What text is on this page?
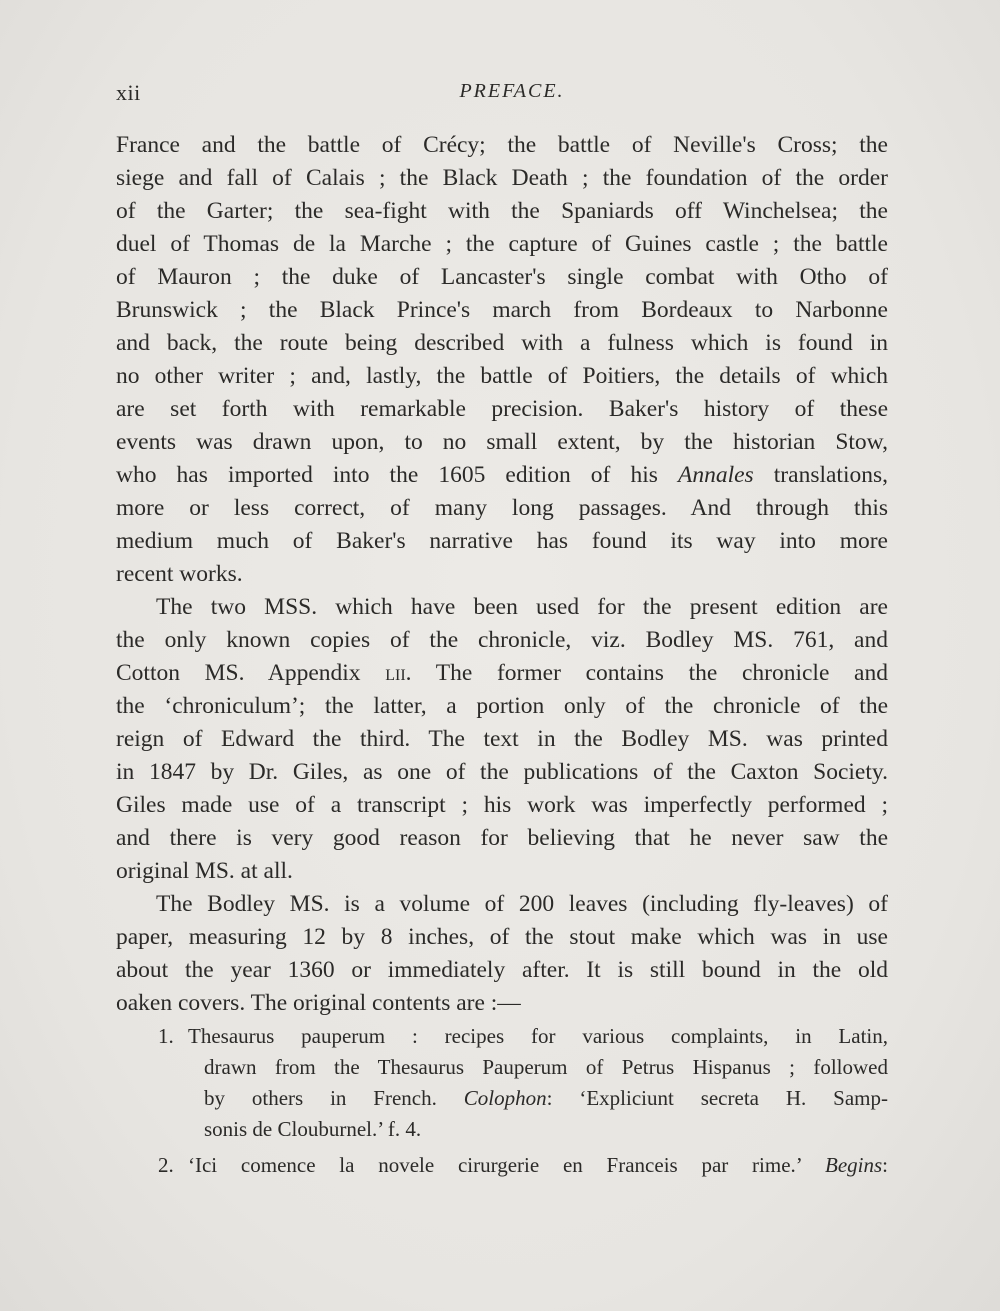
xii	PREFACE.
France and the battle of Crécy; the battle of Neville's Cross; the
siege and fall of Calais ; the Black Death ; the foundation of the order
of the Garter; the sea-fight with the Spaniards off Winchelsea; the
duel of Thomas de la Marche ; the capture of Guines castle ; the battle
of Mauron ; the duke of Lancaster's single combat with Otho of
Brunswick ; the Black Prince's march from Bordeaux to Narbonne
and back, the route being described with a fulness which is found in
no other writer ; and, lastly, the battle of Poitiers, the details of which
are set forth with remarkable precision. Baker's history of these
events was drawn upon, to no small extent, by the historian Stow,
who has imported into the 1605 edition of his Annales translations,
more or less correct, of many long passages. And through this
medium much of Baker's narrative has found its way into more
recent works.
The two MSS. which have been used for the present edition are
the only known copies of the chronicle, viz. Bodley MS. 761, and
Cotton MS. Appendix lii. The former contains the chronicle and
the ‘chroniculum’; the latter, a portion only of the chronicle of the
reign of Edward the third. The text in the Bodley MS. was printed
in 1847 by Dr. Giles, as one of the publications of the Caxton Society.
Giles made use of a transcript ; his work was imperfectly performed ;
and there is very good reason for believing that he never saw the
original MS. at all.
The Bodley MS. is a volume of 200 leaves (including fly-leaves) of
paper, measuring 12 by 8 inches, of the stout make which was in use
about the year 1360 or immediately after. It is still bound in the old
oaken covers. The original contents are :—
1. Thesaurus pauperum : recipes for various complaints, in Latin,
drawn from the Thesaurus Pauperum of Petrus Hispanus ; followed
by others in French. Colophon: ‘Expliciunt secreta H. Samp-
sonis de Clouburnel.’ f. 4.
2. ‘Ici comence la novele cirurgerie en Franceis par rime.’ Begins:
